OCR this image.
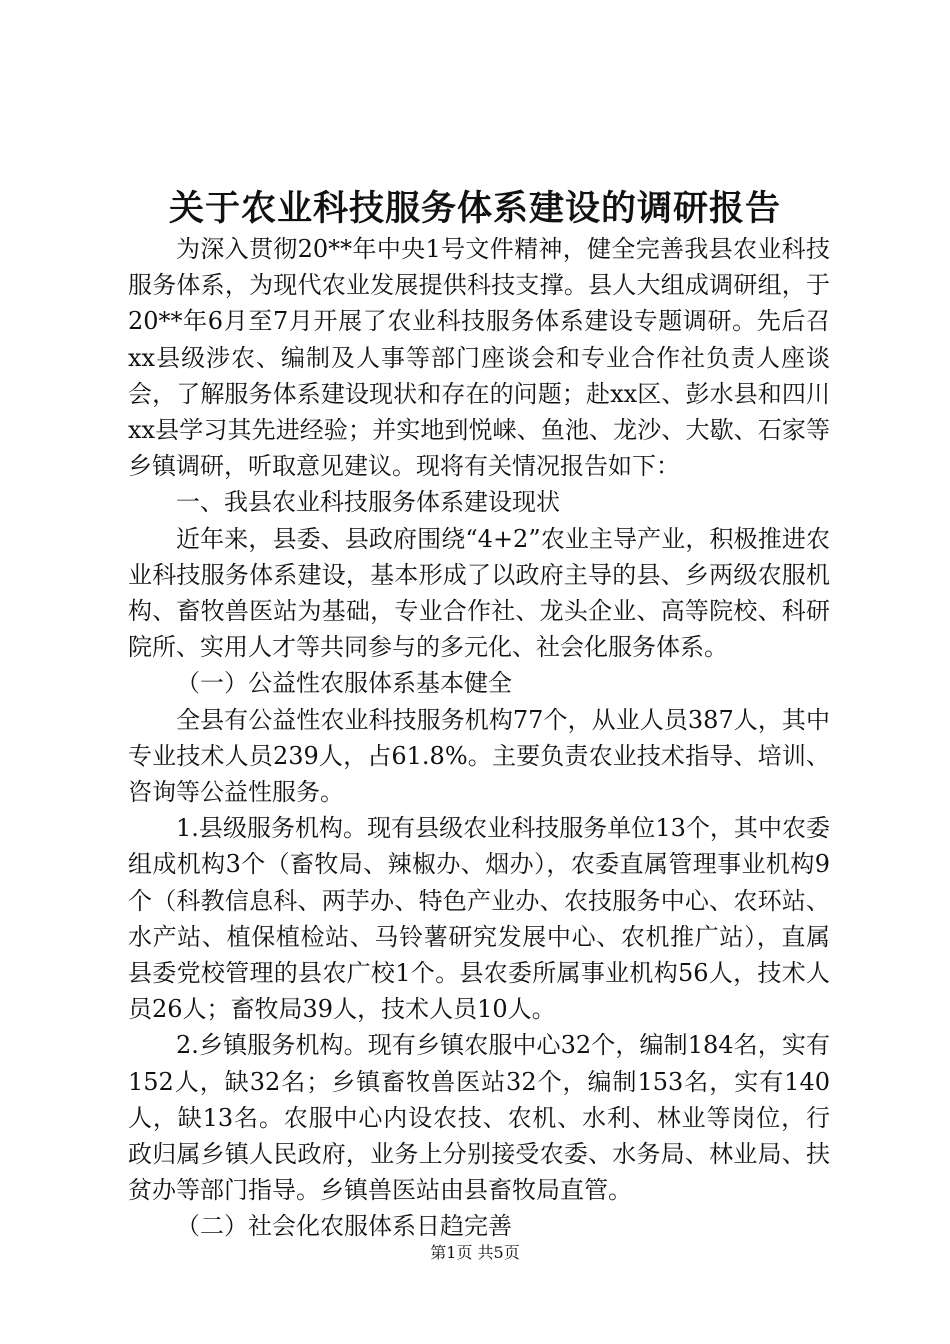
关于农业科技服务体系建设的调研报告

为深入贯彻20**年中央1号文件精神，健全完善我县农业科技服务体系，为现代农业发展提供科技支撑。县人大组成调研组，于20**年6月至7月开展了农业科技服务体系建设专题调研。先后召xx县级涉农、编制及人事等部门座谈会和专业合作社负责人座谈会，了解服务体系建设现状和存在的问题；赴xx区、彭水县和四川xx县学习其先进经验；并实地到悦崃、鱼池、龙沙、大歇、石家等乡镇调研，听取意见建议。现将有关情况报告如下：

一、我县农业科技服务体系建设现状

近年来，县委、县政府围绕“4+2”农业主导产业，积极推进农业科技服务体系建设，基本形成了以政府主导的县、乡两级农服机构、畜牧兽医站为基础，专业合作社、龙头企业、高等院校、科研院所、实用人才等共同参与的多元化、社会化服务体系。

（一）公益性农服体系基本健全

全县有公益性农业科技服务机构77个，从业人员387人，其中专业技术人员239人，占61.8%。主要负责农业技术指导、培训、咨询等公益性服务。

1.县级服务机构。现有县级农业科技服务单位13个，其中农委组成机构3个（畜牧局、辣椒办、烟办），农委直属管理事业机构9个（科教信息科、两芋办、特色产业办、农技服务中心、农环站、水产站、植保植检站、马铃薯研究发展中心、农机推广站），直属县委党校管理的县农广校1个。县农委所属事业机构56人，技术人员26人；畜牧局39人，技术人员10人。

2.乡镇服务机构。现有乡镇农服中心32个，编制184名，实有152人，缺32名；乡镇畜牧兽医站32个，编制153名，实有140人，缺13名。农服中心内设农技、农机、水利、林业等岗位，行政归属乡镇人民政府，业务上分别接受农委、水务局、林业局、扶贫办等部门指导。乡镇兽医站由县畜牧局直管。

（二）社会化农服体系日趋完善

第1页 共5页
